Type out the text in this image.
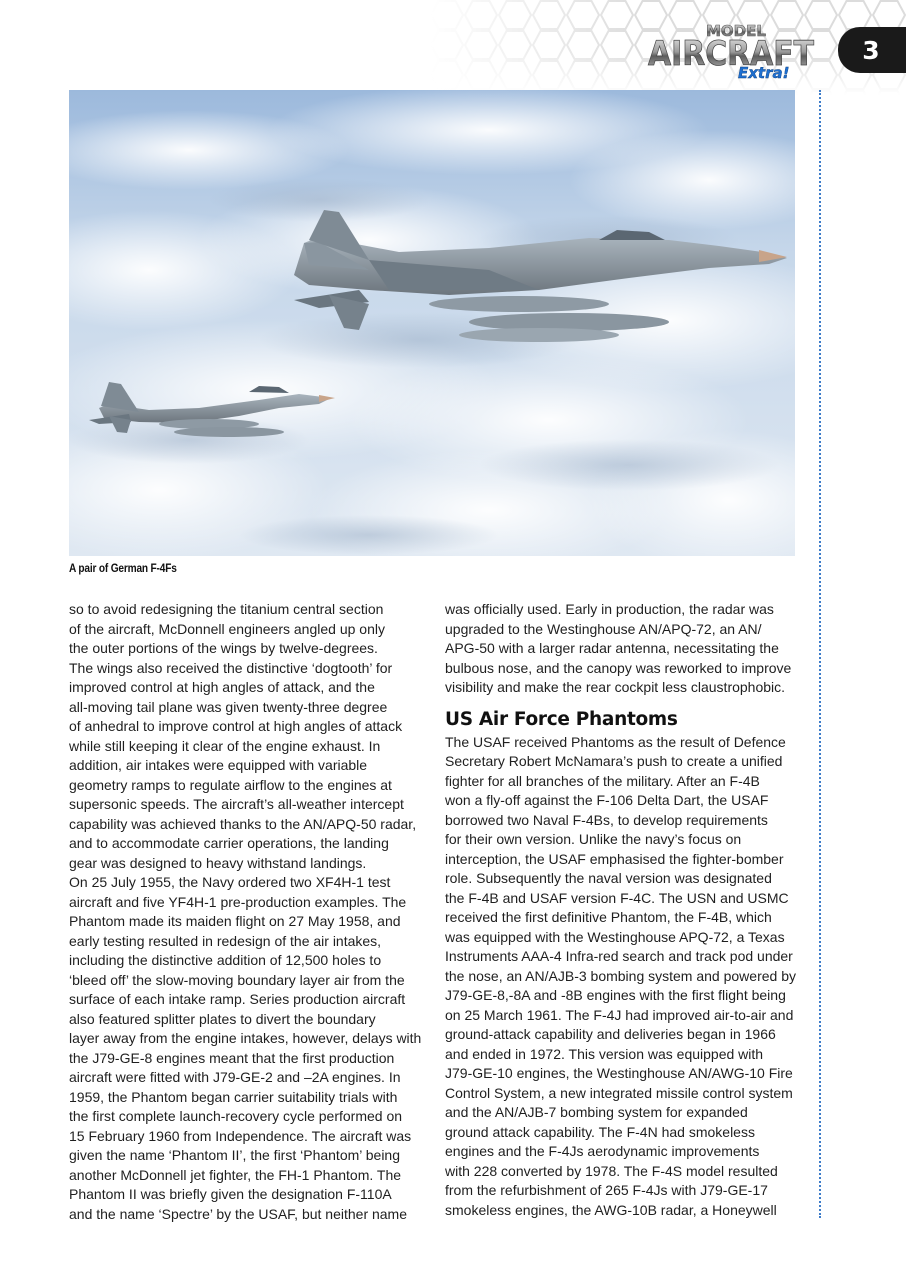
MODEL
AIRCRAFT
Extra!
3
A pair of German F-4Fs
so to avoid redesigning the titanium central section
of the aircraft, McDonnell engineers angled up only
the outer portions of the wings by twelve-degrees.
The wings also received the distinctive ‘dogtooth’ for
improved control at high angles of attack, and the
all-moving tail plane was given twenty-three degree
of anhedral to improve control at high angles of attack
while still keeping it clear of the engine exhaust. In
addition, air intakes were equipped with variable
geometry ramps to regulate airflow to the engines at
supersonic speeds. The aircraft’s all-weather intercept
capability was achieved thanks to the AN/APQ-50 radar,
and to accommodate carrier operations, the landing
gear was designed to heavy withstand landings.
On 25 July 1955, the Navy ordered two XF4H-1 test
aircraft and five YF4H-1 pre-production examples. The
Phantom made its maiden flight on 27 May 1958, and
early testing resulted in redesign of the air intakes,
including the distinctive addition of 12,500 holes to
‘bleed off’ the slow-moving boundary layer air from the
surface of each intake ramp. Series production aircraft
also featured splitter plates to divert the boundary
layer away from the engine intakes, however, delays with
the J79-GE-8 engines meant that the first production
aircraft were fitted with J79-GE-2 and –2A engines. In
1959, the Phantom began carrier suitability trials with
the first complete launch-recovery cycle performed on
15 February 1960 from Independence. The aircraft was
given the name ‘Phantom II’, the first ‘Phantom’ being
another McDonnell jet fighter, the FH-1 Phantom. The
Phantom II was briefly given the designation F-110A
and the name ‘Spectre’ by the USAF, but neither name
was officially used. Early in production, the radar was
upgraded to the Westinghouse AN/APQ-72, an AN/
APG-50 with a larger radar antenna, necessitating the
bulbous nose, and the canopy was reworked to improve
visibility and make the rear cockpit less claustrophobic.
US Air Force Phantoms
The USAF received Phantoms as the result of Defence
Secretary Robert McNamara’s push to create a unified
fighter for all branches of the military. After an F-4B
won a fly-off against the F-106 Delta Dart, the USAF
borrowed two Naval F-4Bs, to develop requirements
for their own version. Unlike the navy’s focus on
interception, the USAF emphasised the fighter-bomber
role. Subsequently the naval version was designated
the F-4B and USAF version F-4C. The USN and USMC
received the first definitive Phantom, the F-4B, which
was equipped with the Westinghouse APQ-72, a Texas
Instruments AAA-4 Infra-red search and track pod under
the nose, an AN/AJB-3 bombing system and powered by
J79-GE-8,-8A and -8B engines with the first flight being
on 25 March 1961. The F-4J had improved air-to-air and
ground-attack capability and deliveries began in 1966
and ended in 1972. This version was equipped with
J79-GE-10 engines, the Westinghouse AN/AWG-10 Fire
Control System, a new integrated missile control system
and the AN/AJB-7 bombing system for expanded
ground attack capability. The F-4N had smokeless
engines and the F-4Js aerodynamic improvements
with 228 converted by 1978. The F-4S model resulted
from the refurbishment of 265 F-4Js with J79-GE-17
smokeless engines, the AWG-10B radar, a Honeywell
